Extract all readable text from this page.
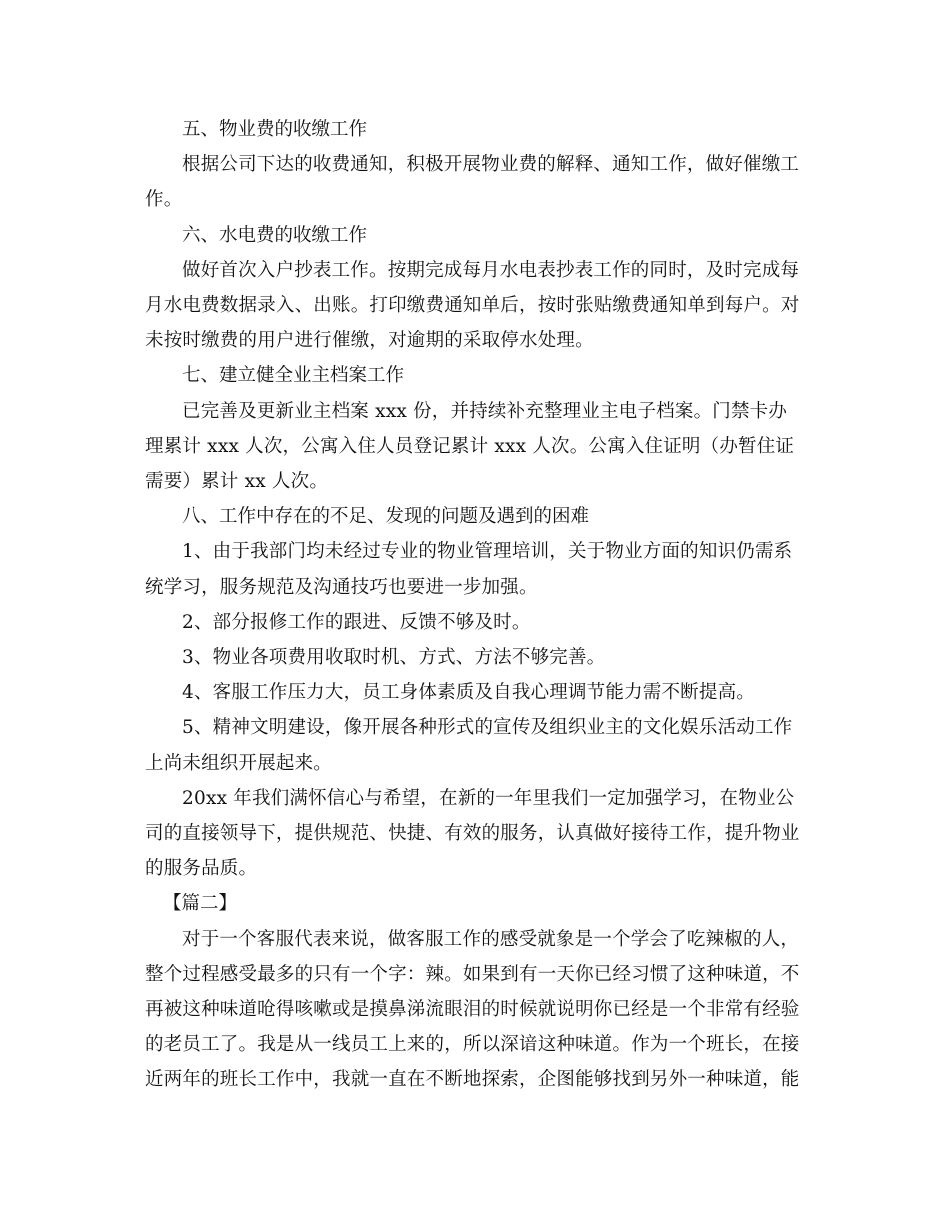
五、物业费的收缴工作

根据公司下达的收费通知，积极开展物业费的解释、通知工作，做好催缴工作。

六、水电费的收缴工作

做好首次入户抄表工作。按期完成每月水电表抄表工作的同时，及时完成每月水电费数据录入、出账。打印缴费通知单后，按时张贴缴费通知单到每户。对未按时缴费的用户进行催缴，对逾期的采取停水处理。

七、建立健全业主档案工作

已完善及更新业主档案 xxx 份，并持续补充整理业主电子档案。门禁卡办理累计 xxx 人次，公寓入住人员登记累计 xxx 人次。公寓入住证明（办暂住证需要）累计 xx 人次。

八、工作中存在的不足、发现的问题及遇到的困难

1、由于我部门均未经过专业的物业管理培训，关于物业方面的知识仍需系统学习，服务规范及沟通技巧也要进一步加强。

2、部分报修工作的跟进、反馈不够及时。

3、物业各项费用收取时机、方式、方法不够完善。

4、客服工作压力大，员工身体素质及自我心理调节能力需不断提高。

5、精神文明建设，像开展各种形式的宣传及组织业主的文化娱乐活动工作上尚未组织开展起来。

20xx 年我们满怀信心与希望，在新的一年里我们一定加强学习，在物业公司的直接领导下，提供规范、快捷、有效的服务，认真做好接待工作，提升物业的服务品质。

【篇二】

对于一个客服代表来说，做客服工作的感受就象是一个学会了吃辣椒的人，整个过程感受最多的只有一个字：辣。如果到有一天你已经习惯了这种味道，不再被这种味道呛得咳嗽或是摸鼻涕流眼泪的时候就说明你已经是一个非常有经验的老员工了。我是从一线员工上来的，所以深谙这种味道。作为一个班长，在接近两年的班长工作中，我就一直在不断地探索，企图能够找到另外一种味道，能
